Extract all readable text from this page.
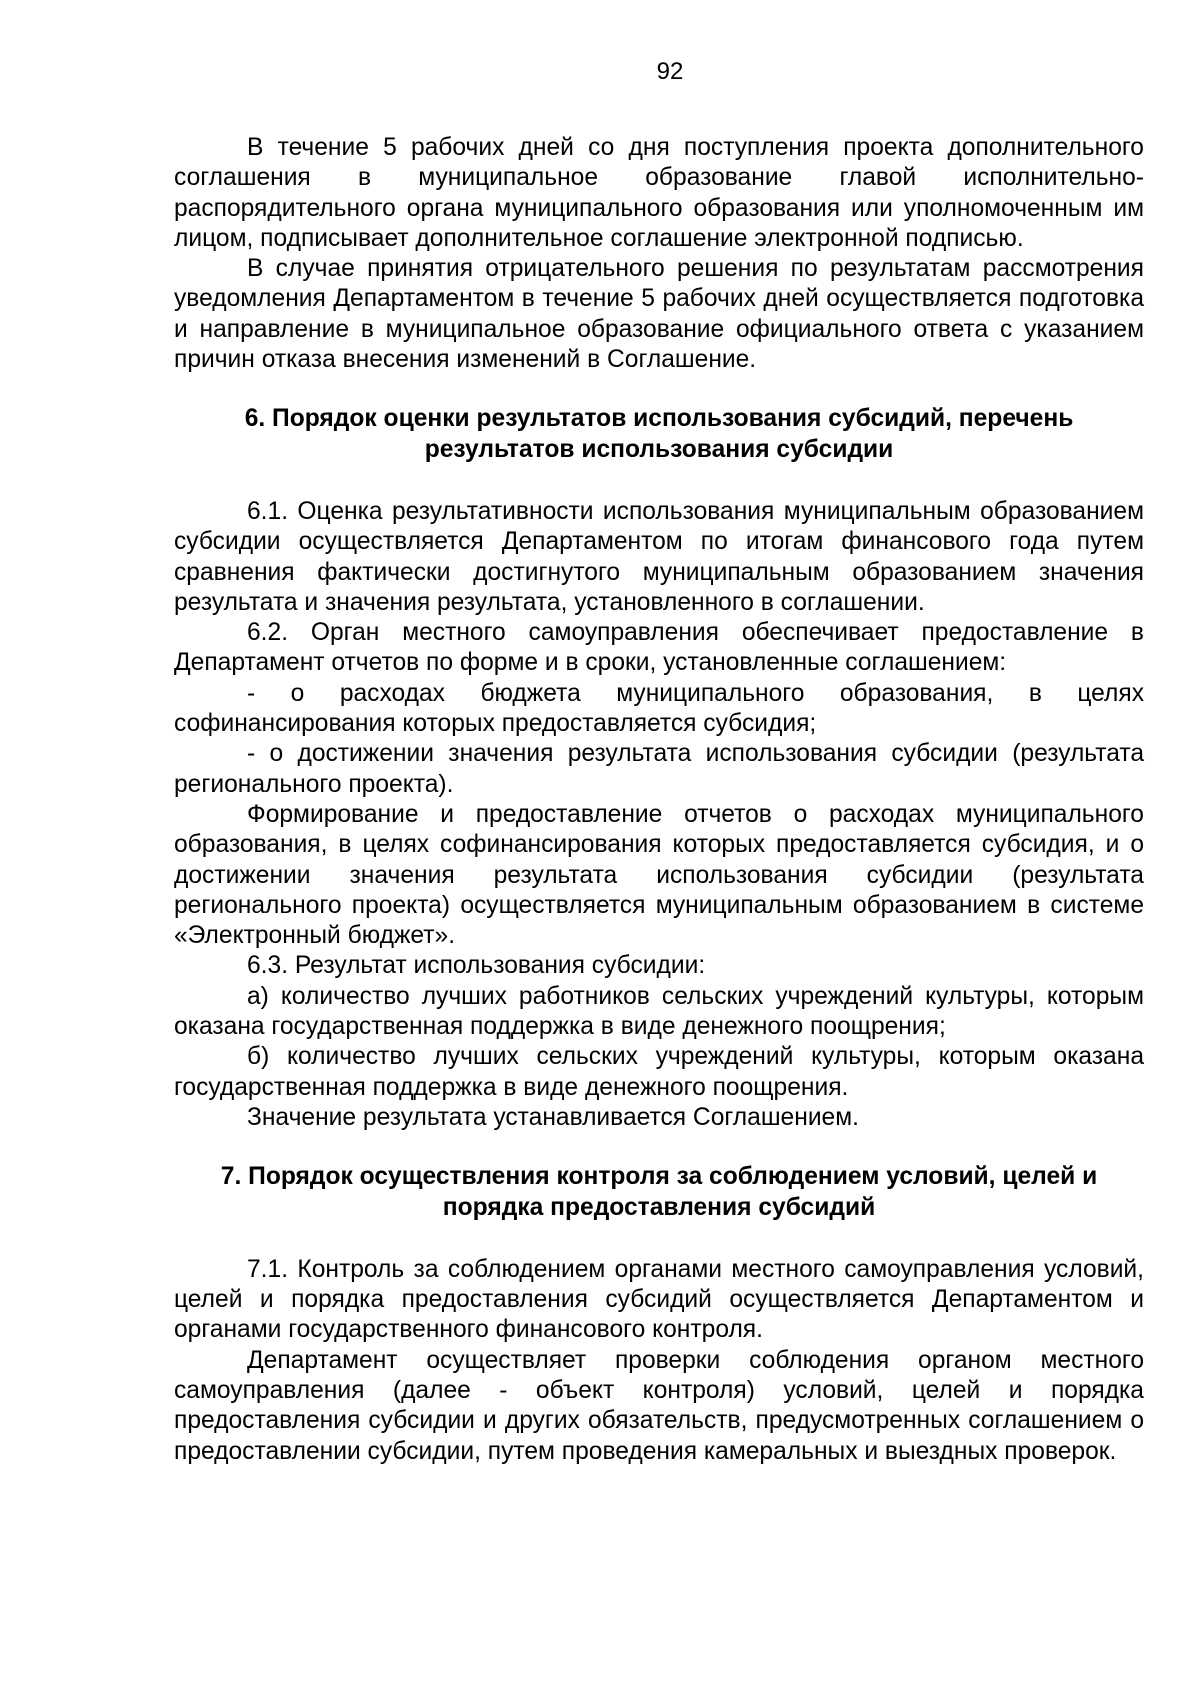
92

В течение 5 рабочих дней со дня поступления проекта дополнительного соглашения в муниципальное образование главой исполнительно-распорядительного органа муниципального образования или уполномоченным им лицом, подписывает дополнительное соглашение электронной подписью.

В случае принятия отрицательного решения по результатам рассмотрения уведомления Департаментом в течение 5 рабочих дней осуществляется подготовка и направление в муниципальное образование официального ответа с указанием причин отказа внесения изменений в Соглашение.

6. Порядок оценки результатов использования субсидий, перечень
результатов использования субсидии

6.1. Оценка результативности использования муниципальным образованием субсидии осуществляется Департаментом по итогам финансового года путем сравнения фактически достигнутого муниципальным образованием значения результата и значения результата, установленного в соглашении.

6.2. Орган местного самоуправления обеспечивает предоставление в Департамент отчетов по форме и в сроки, установленные соглашением:

- о расходах бюджета муниципального образования, в целях софинансирования которых предоставляется субсидия;

- о достижении значения результата использования субсидии (результата регионального проекта).

Формирование и предоставление отчетов о расходах муниципального образования, в целях софинансирования которых предоставляется субсидия, и о достижении значения результата использования субсидии (результата регионального проекта) осуществляется муниципальным образованием в системе «Электронный бюджет».

6.3. Результат использования субсидии:

а) количество лучших работников сельских учреждений культуры, которым оказана государственная поддержка в виде денежного поощрения;

б) количество лучших сельских учреждений культуры, которым оказана государственная поддержка в виде денежного поощрения.

Значение результата устанавливается Соглашением.

7. Порядок осуществления контроля за соблюдением условий, целей и
порядка предоставления субсидий

7.1. Контроль за соблюдением органами местного самоуправления условий, целей и порядка предоставления субсидий осуществляется Департаментом и органами государственного финансового контроля.

Департамент осуществляет проверки соблюдения органом местного самоуправления (далее - объект контроля) условий, целей и порядка предоставления субсидии и других обязательств, предусмотренных соглашением о предоставлении субсидии, путем проведения камеральных и выездных проверок.
